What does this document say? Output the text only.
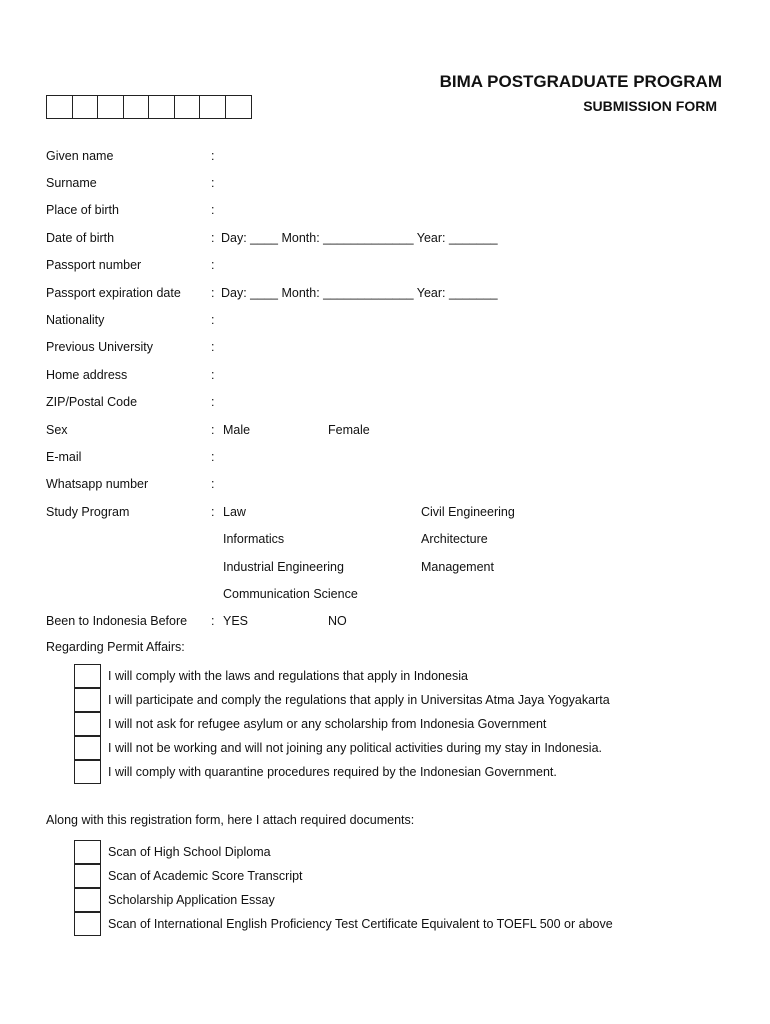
BIMA POSTGRADUATE PROGRAM
SUBMISSION FORM
Given name	:
Surname	:
Place of birth	:
Date of birth	: Day: ____ Month: _____________ Year: _______
Passport number	:
Passport expiration date	: Day: ____ Month: _____________ Year: _______
Nationality	:
Previous University	:
Home address	:
ZIP/Postal Code	:
Sex	: Male	Female
E-mail	:
Whatsapp number	:
Study Program	: Law	Civil Engineering
Informatics	Architecture
Industrial Engineering	Management
Communication Science
Been to Indonesia Before	: YES	NO
Regarding Permit Affairs:
I will comply with the laws and regulations that apply in Indonesia
I will participate and comply the regulations that apply in Universitas Atma Jaya Yogyakarta
I will not ask for refugee asylum or any scholarship from Indonesia Government
I will not be working and will not joining any political activities during my stay in Indonesia.
I will comply with quarantine procedures required by the Indonesian Government.
Along with this registration form, here I attach required documents:
Scan of High School Diploma
Scan of Academic Score Transcript
Scholarship Application Essay
Scan of International English Proficiency Test Certificate Equivalent to TOEFL 500 or above
